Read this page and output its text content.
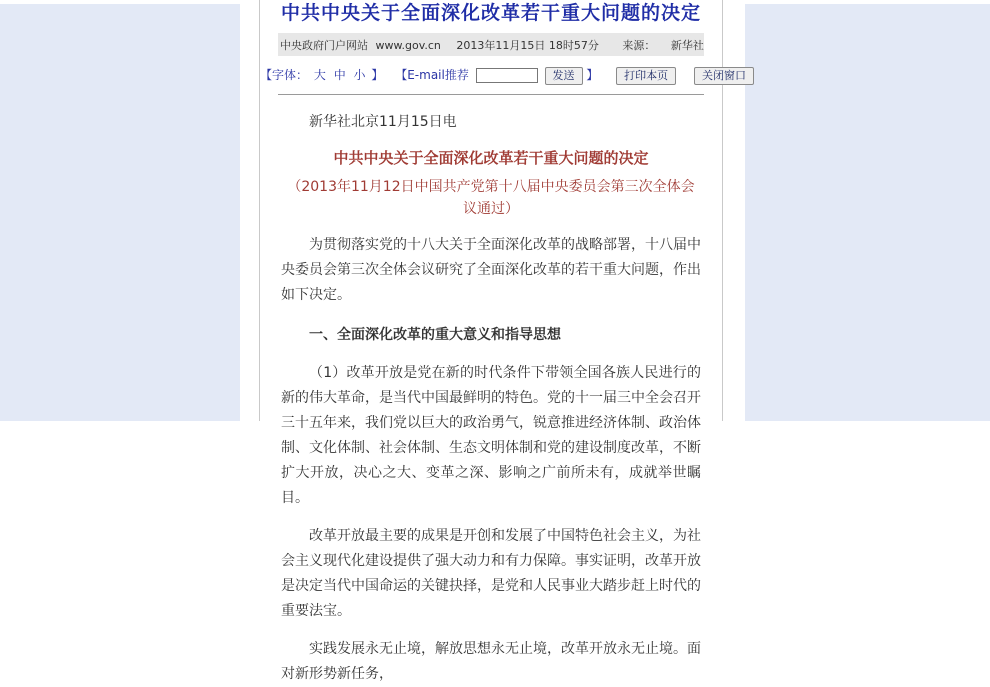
中共中央关于全面深化改革若干重大问题的决定
中央政府门户网站 www.gov.cn 2013年11月15日 18时57分 来源： 新华社
【字体： 大 中 小 】 【E-mail推荐	发送 】 打印本页	关闭窗口

新华社北京11月15日电

中共中央关于全面深化改革若干重大问题的决定

（2013年11月12日中国共产党第十八届中央委员会第三次全体会议通过）

为贯彻落实党的十八大关于全面深化改革的战略部署，十八届中央委员会第三次全体会议研究了全面深化改革的若干重大问题，作出如下决定。

一、全面深化改革的重大意义和指导思想

（1）改革开放是党在新的时代条件下带领全国各族人民进行的新的伟大革命，是当代中国最鲜明的特色。党的十一届三中全会召开三十五年来，我们党以巨大的政治勇气，锐意推进经济体制、政治体制、文化体制、社会体制、生态文明体制和党的建设制度改革，不断扩大开放，决心之大、变革之深、影响之广前所未有，成就举世瞩目。

改革开放最主要的成果是开创和发展了中国特色社会主义，为社会主义现代化建设提供了强大动力和有力保障。事实证明，改革开放是决定当代中国命运的关键抉择，是党和人民事业大踏步赶上时代的重要法宝。

实践发展永无止境，解放思想永无止境，改革开放永无止境。面对新形势新任务，
